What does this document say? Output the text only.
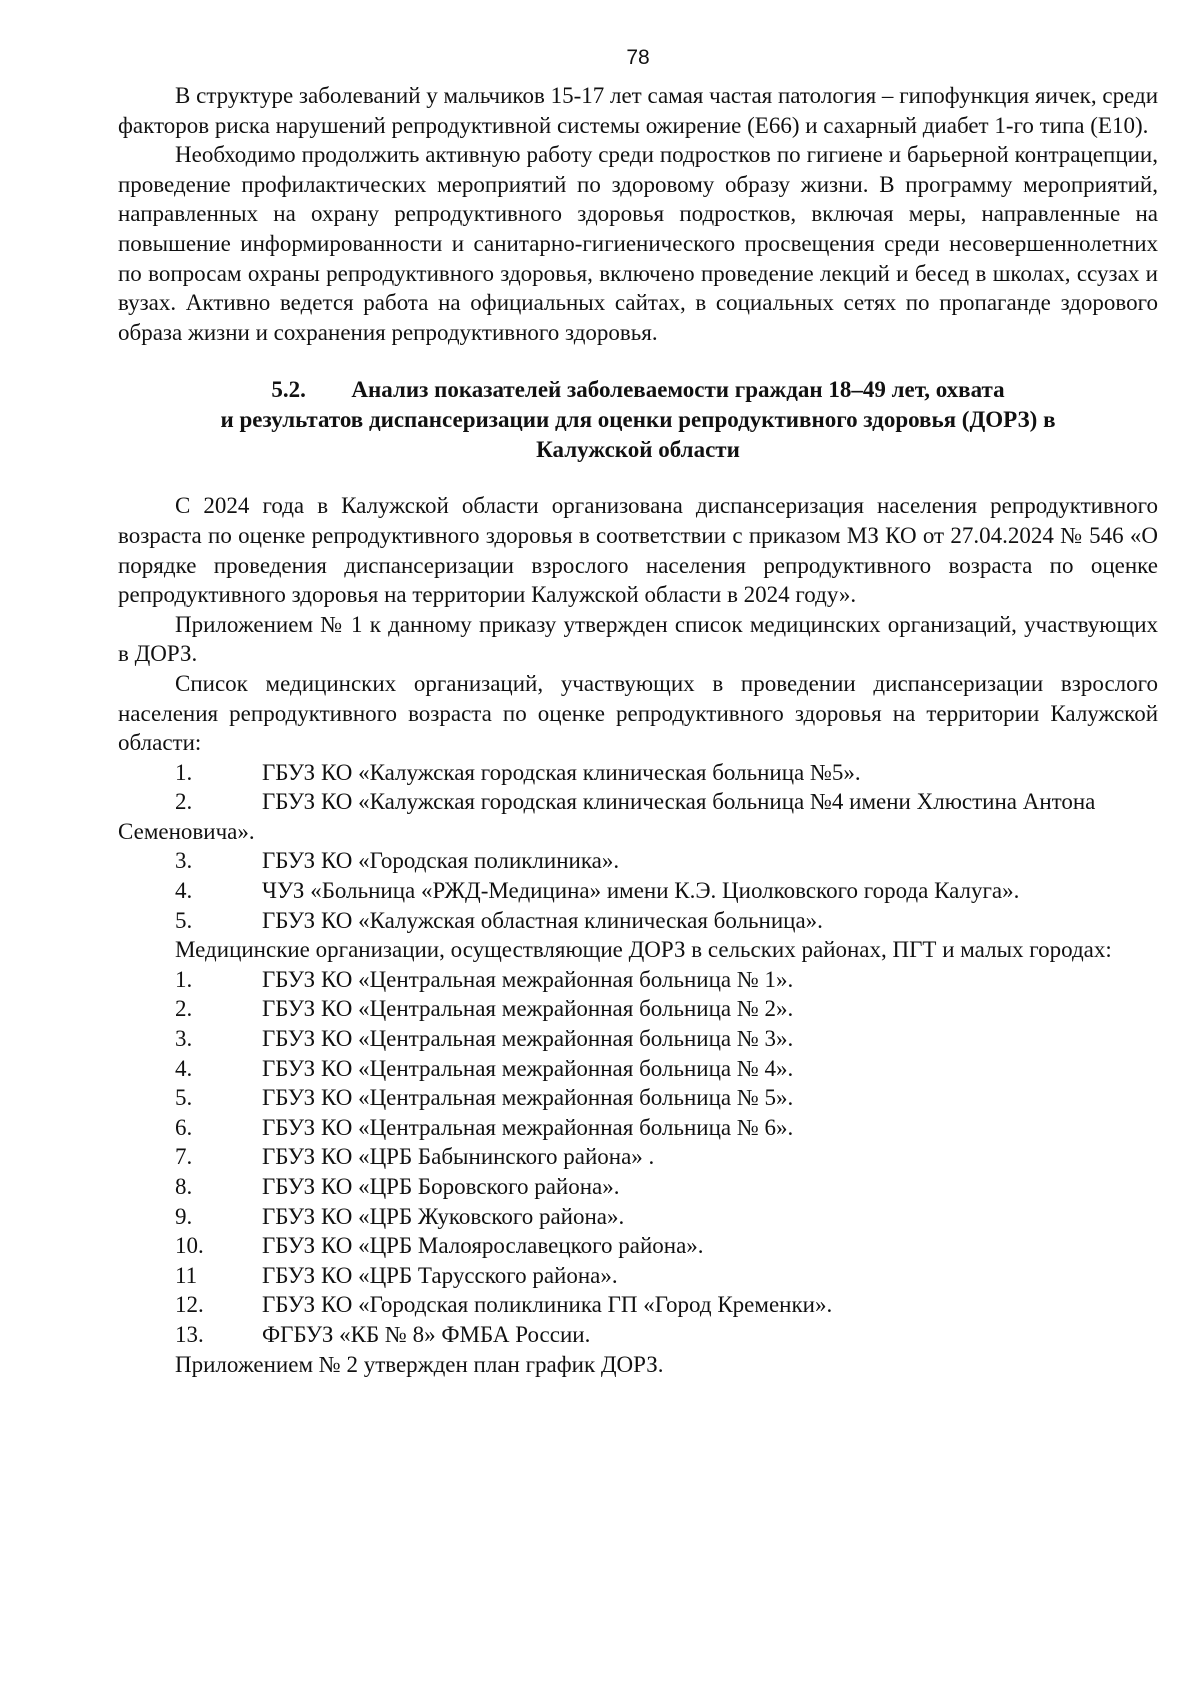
78

В структуре заболеваний у мальчиков 15-17 лет самая частая патология – гипофункция яичек, среди факторов риска нарушений репродуктивной системы ожирение (Е66) и сахарный диабет 1-го типа (Е10).

Необходимо продолжить активную работу среди подростков по гигиене и барьерной контрацепции, проведение профилактических мероприятий по здоровому образу жизни. В программу мероприятий, направленных на охрану репродуктивного здоровья подростков, включая меры, направленные на повышение информированности и санитарно-гигиенического просвещения среди несовершеннолетних по вопросам охраны репродуктивного здоровья, включено проведение лекций и бесед в школах, ссузах и вузах. Активно ведется работа на официальных сайтах, в социальных сетях по пропаганде здорового образа жизни и сохранения репродуктивного здоровья.

5.2. Анализ показателей заболеваемости граждан 18–49 лет, охвата
и результатов диспансеризации для оценки репродуктивного здоровья (ДОРЗ) в
Калужской области

С 2024 года в Калужской области организована диспансеризация населения репродуктивного возраста по оценке репродуктивного здоровья в соответствии с приказом МЗ КО от 27.04.2024 № 546 «О порядке проведения диспансеризации взрослого населения репродуктивного возраста по оценке репродуктивного здоровья на территории Калужской области в 2024 году».

Приложением № 1 к данному приказу утвержден список медицинских организаций, участвующих в ДОРЗ.

Список медицинских организаций, участвующих в проведении диспансеризации взрослого населения репродуктивного возраста по оценке репродуктивного здоровья на территории Калужской области:

1.	ГБУЗ КО «Калужская городская клиническая больница №5».
2.	ГБУЗ КО «Калужская городская клиническая больница №4 имени Хлюстина Антона Семеновича».
3.	ГБУЗ КО «Городская поликлиника».
4.	ЧУЗ «Больница «РЖД-Медицина» имени К.Э. Циолковского города Калуга».
5.	ГБУЗ КО «Калужская областная клиническая больница».

Медицинские организации, осуществляющие ДОРЗ в сельских районах, ПГТ и малых городах:

1.	ГБУЗ КО «Центральная межрайонная больница № 1».
2.	ГБУЗ КО «Центральная межрайонная больница № 2».
3.	ГБУЗ КО «Центральная межрайонная больница № 3».
4.	ГБУЗ КО «Центральная межрайонная больница № 4».
5.	ГБУЗ КО «Центральная межрайонная больница № 5».
6.	ГБУЗ КО «Центральная межрайонная больница № 6».
7.	ГБУЗ КО «ЦРБ Бабынинского района» .
8.	ГБУЗ КО «ЦРБ Боровского района».
9.	ГБУЗ КО «ЦРБ Жуковского района».
10.	ГБУЗ КО «ЦРБ Малоярославецкого района».
11	ГБУЗ КО «ЦРБ Тарусского района».
12.	ГБУЗ КО «Городская поликлиника ГП «Город Кременки».
13.	ФГБУЗ «КБ № 8» ФМБА России.

Приложением № 2 утвержден план график ДОРЗ.
